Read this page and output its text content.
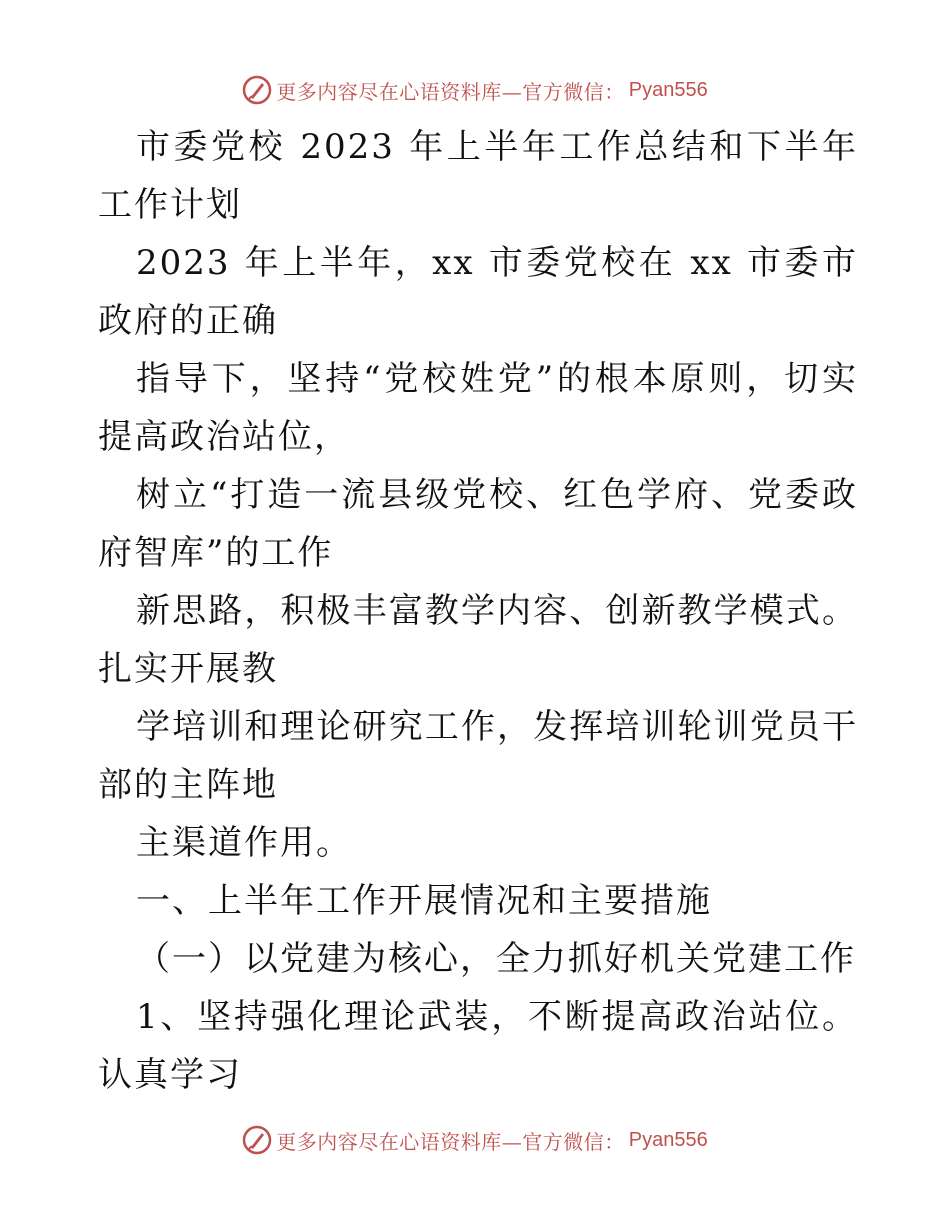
更多内容尽在心语资料库—官方微信： Pyan556

市委党校 2023 年上半年工作总结和下半年工作计划

2023 年上半年，xx 市委党校在 xx 市委市政府的正确

指导下，坚持“党校姓党”的根本原则，切实提高政治站位，

树立“打造一流县级党校、红色学府、党委政府智库”的工作

新思路，积极丰富教学内容、创新教学模式。扎实开展教

学培训和理论研究工作，发挥培训轮训党员干部的主阵地

主渠道作用。

一、上半年工作开展情况和主要措施

（一）以党建为核心，全力抓好机关党建工作

1、坚持强化理论武装，不断提高政治站位。认真学习

更多内容尽在心语资料库—官方微信： Pyan556
